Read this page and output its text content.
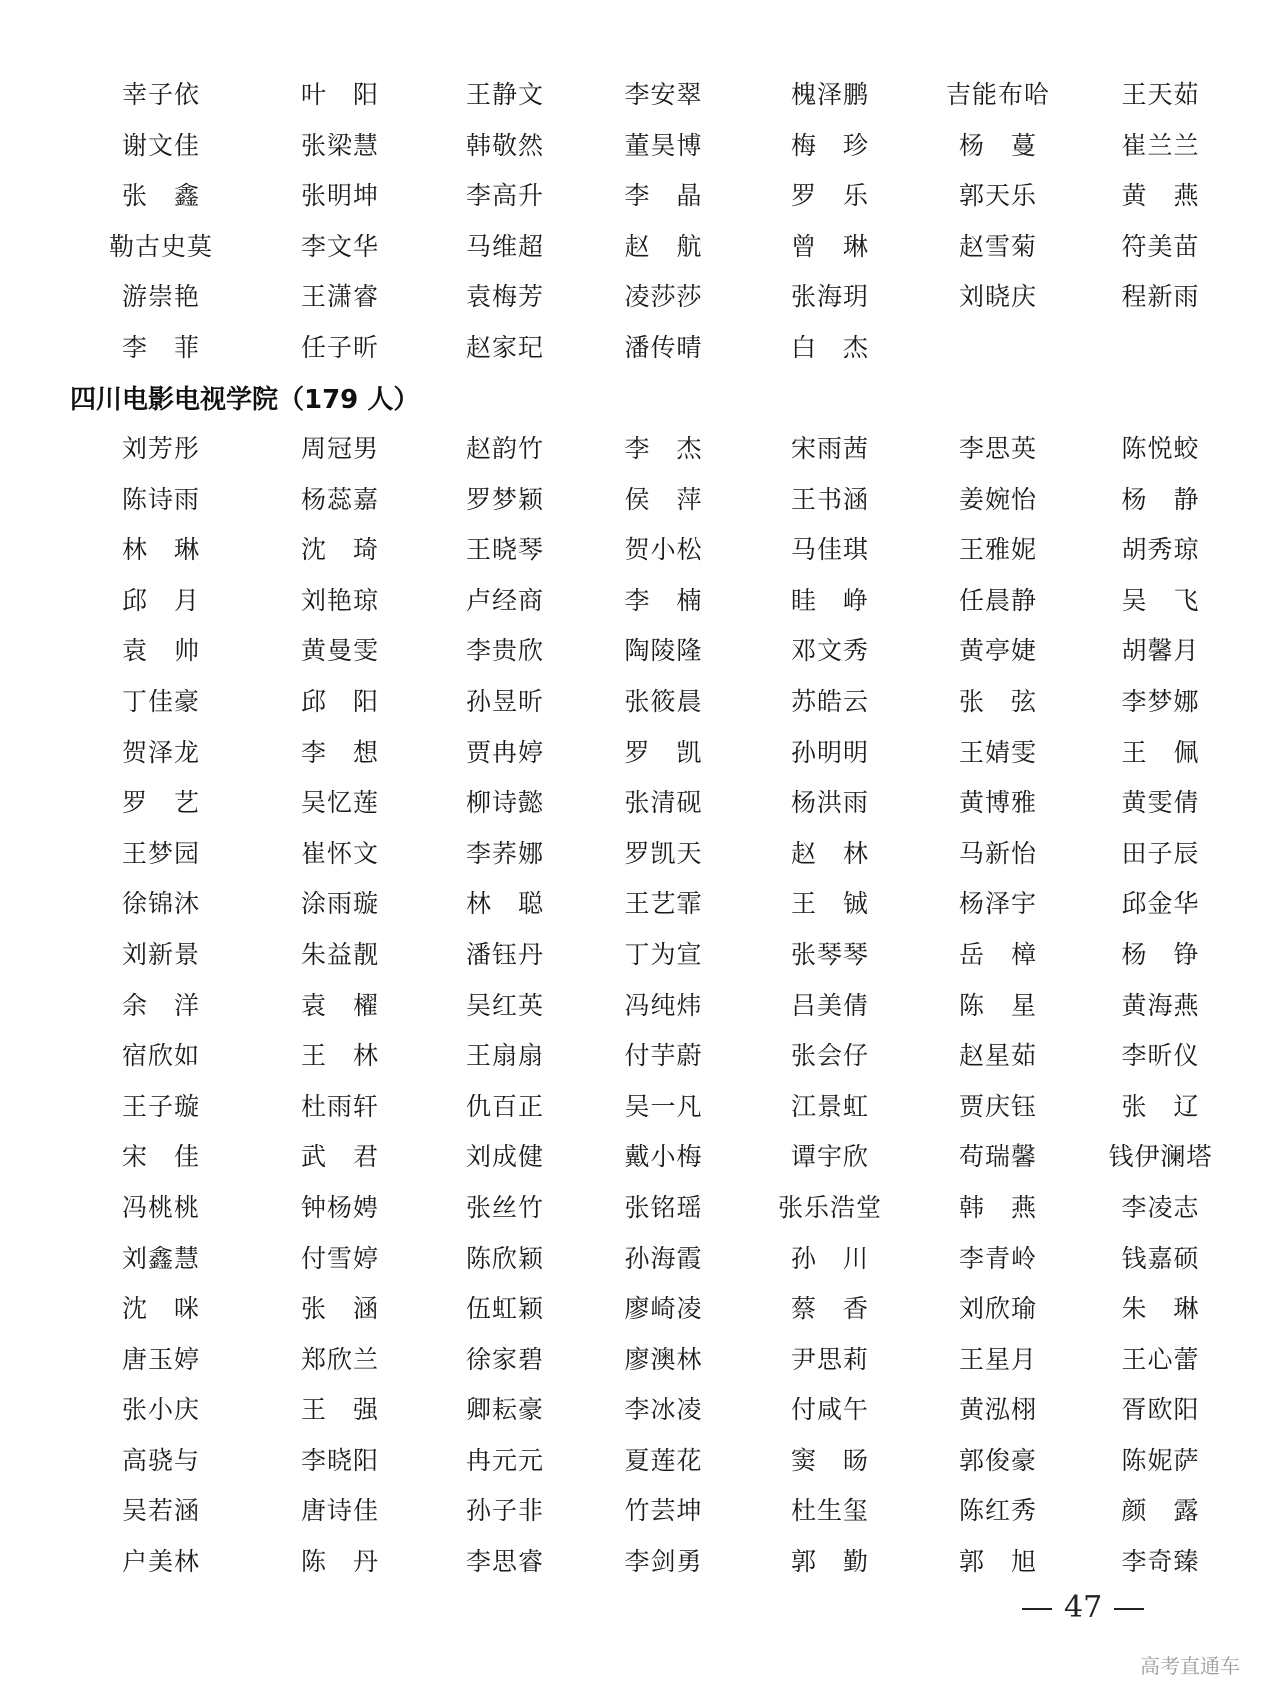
幸子依	叶　阳	王静文	李安翠	槐泽鹏	吉能布哈	王天茹
谢文佳	张梁慧	韩敬然	董昊博	梅　珍	杨　蔓	崔兰兰
张　鑫	张明坤	李高升	李　晶	罗　乐	郭天乐	黄　燕
勒古史莫	李文华	马维超	赵　航	曾　琳	赵雪菊	符美苗
游崇艳	王潇睿	袁梅芳	凌莎莎	张海玥	刘晓庆	程新雨
李　菲	任子昕	赵家玘	潘传晴	白　杰
四川电影电视学院（179 人）
刘芳彤	周冠男	赵韵竹	李　杰	宋雨茜	李思英	陈悦蛟
陈诗雨	杨蕊嘉	罗梦颖	侯　萍	王书涵	姜婉怡	杨　静
林　琳	沈　琦	王晓琴	贺小松	马佳琪	王雅妮	胡秀琼
邱　月	刘艳琼	卢经商	李　楠	眭　峥	任晨静	吴　飞
袁　帅	黄曼雯	李贵欣	陶陵隆	邓文秀	黄亭婕	胡馨月
丁佳豪	邱　阳	孙昱昕	张筱晨	苏皓云	张　弦	李梦娜
贺泽龙	李　想	贾冉婷	罗　凯	孙明明	王婧雯	王　佩
罗　艺	吴忆莲	柳诗懿	张清砚	杨洪雨	黄博雅	黄雯倩
王梦园	崔怀文	李荞娜	罗凯天	赵　林	马新怡	田子辰
徐锦沐	涂雨璇	林　聪	王艺霏	王　铖	杨泽宇	邱金华
刘新景	朱益靓	潘钰丹	丁为宣	张琴琴	岳　樟	杨　铮
余　洋	袁　櫂	吴红英	冯纯炜	吕美倩	陈　星	黄海燕
宿欣如	王　林	王扇扇	付芋蔚	张会仔	赵星茹	李昕仪
王子璇	杜雨轩	仇百正	吴一凡	江景虹	贾庆钰	张　辽
宋　佳	武　君	刘成健	戴小梅	谭宇欣	苟瑞馨	钱伊澜塔
冯桃桃	钟杨娉	张丝竹	张铭瑶	张乐浩堂	韩　燕	李凌志
刘鑫慧	付雪婷	陈欣颖	孙海霞	孙　川	李青岭	钱嘉硕
沈　咪	张　涵	伍虹颖	廖崎凌	蔡　香	刘欣瑜	朱　琳
唐玉婷	郑欣兰	徐家碧	廖澳林	尹思莉	王星月	王心蕾
张小庆	王　强	卿耘豪	李冰凌	付咸午	黄泓栩	胥欧阳
高骁与	李晓阳	冉元元	夏莲花	窦　旸	郭俊豪	陈妮萨
吴若涵	唐诗佳	孙子非	竹芸坤	杜生玺	陈红秀	颜　露
户美林	陈　丹	李思睿	李剑勇	郭　勤	郭　旭	李奇臻
47
高考直通车
